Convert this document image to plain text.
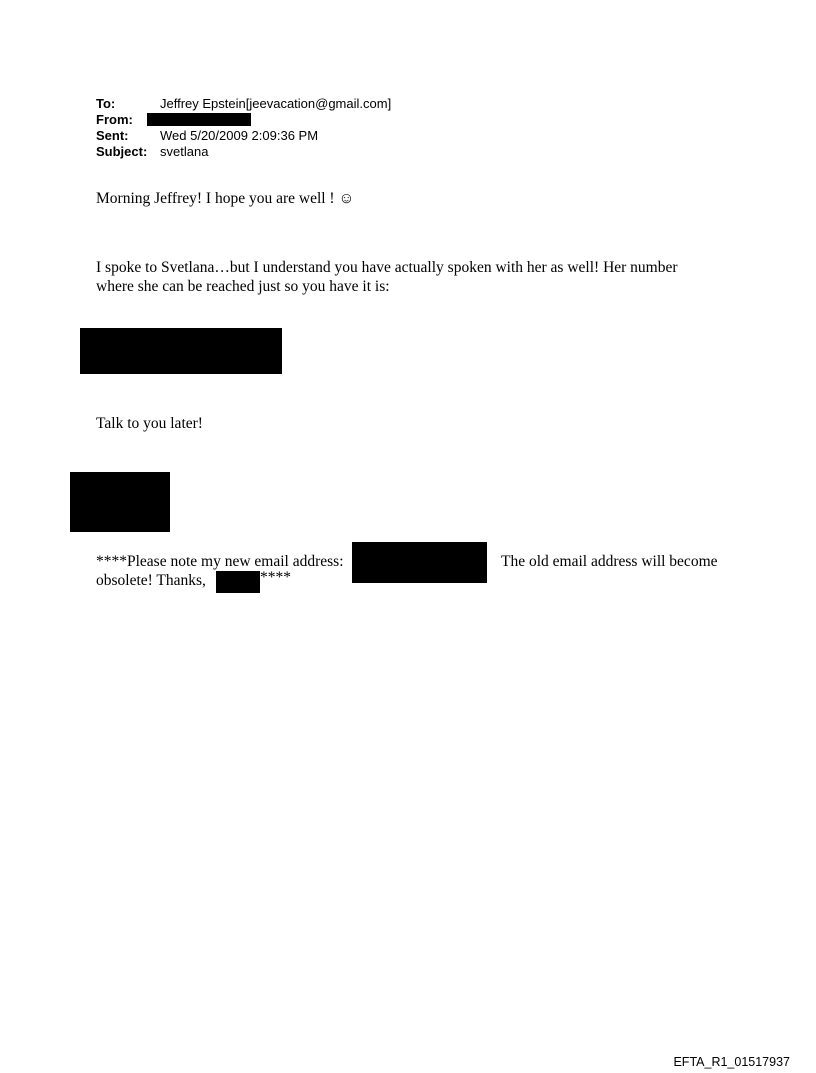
To:	Jeffrey Epstein[jeevacation@gmail.com]
From:
Sent: Wed 5/20/2009 2:09:36 PM
Subject: svetlana
Morning Jeffrey! I hope you are well ! ☺
I spoke to Svetlana…but I understand you have actually spoken with her as well! Her number
where she can be reached just so you have it is:
Talk to you later!
****Please note my new email address:	The old email address will become
obsolete! Thanks,	****
EFTA_R1_01517937
